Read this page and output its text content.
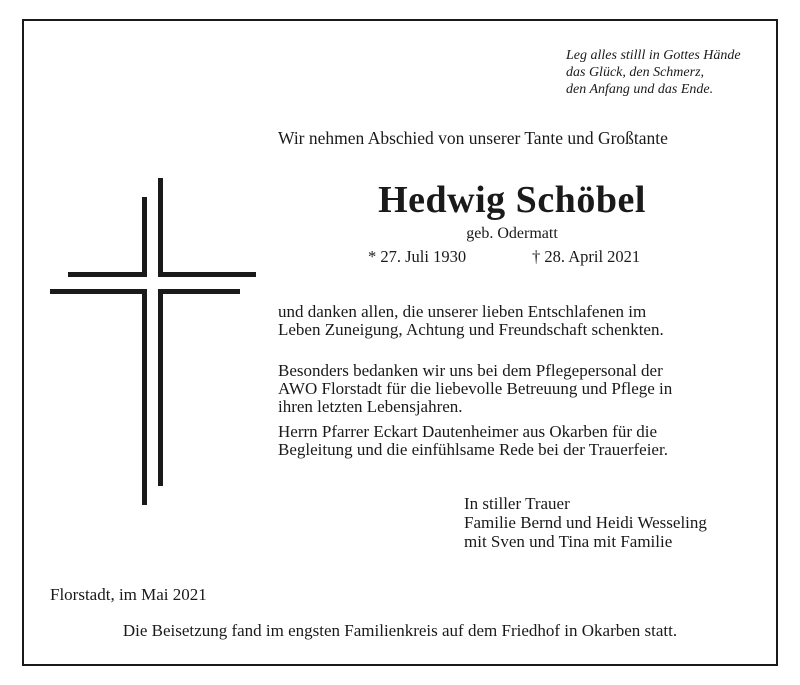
Leg alles stilll in Gottes Hände
das Glück, den Schmerz,
den Anfang und das Ende.
Wir nehmen Abschied von unserer Tante und Großtante
Hedwig Schöbel
geb. Odermatt
* 27. Juli 1930	† 28. April 2021
und danken allen, die unserer lieben Entschlafenen im
Leben Zuneigung, Achtung und Freundschaft schenkten.
Besonders bedanken wir uns bei dem Pflegepersonal der
AWO Florstadt für die liebevolle Betreuung und Pflege in
ihren letzten Lebensjahren.
Herrn Pfarrer Eckart Dautenheimer aus Okarben für die
Begleitung und die einfühlsame Rede bei der Trauerfeier.
In stiller Trauer
Familie Bernd und Heidi Wesseling
mit Sven und Tina mit Familie
Florstadt, im Mai 2021
Die Beisetzung fand im engsten Familienkreis auf dem Friedhof in Okarben statt.
